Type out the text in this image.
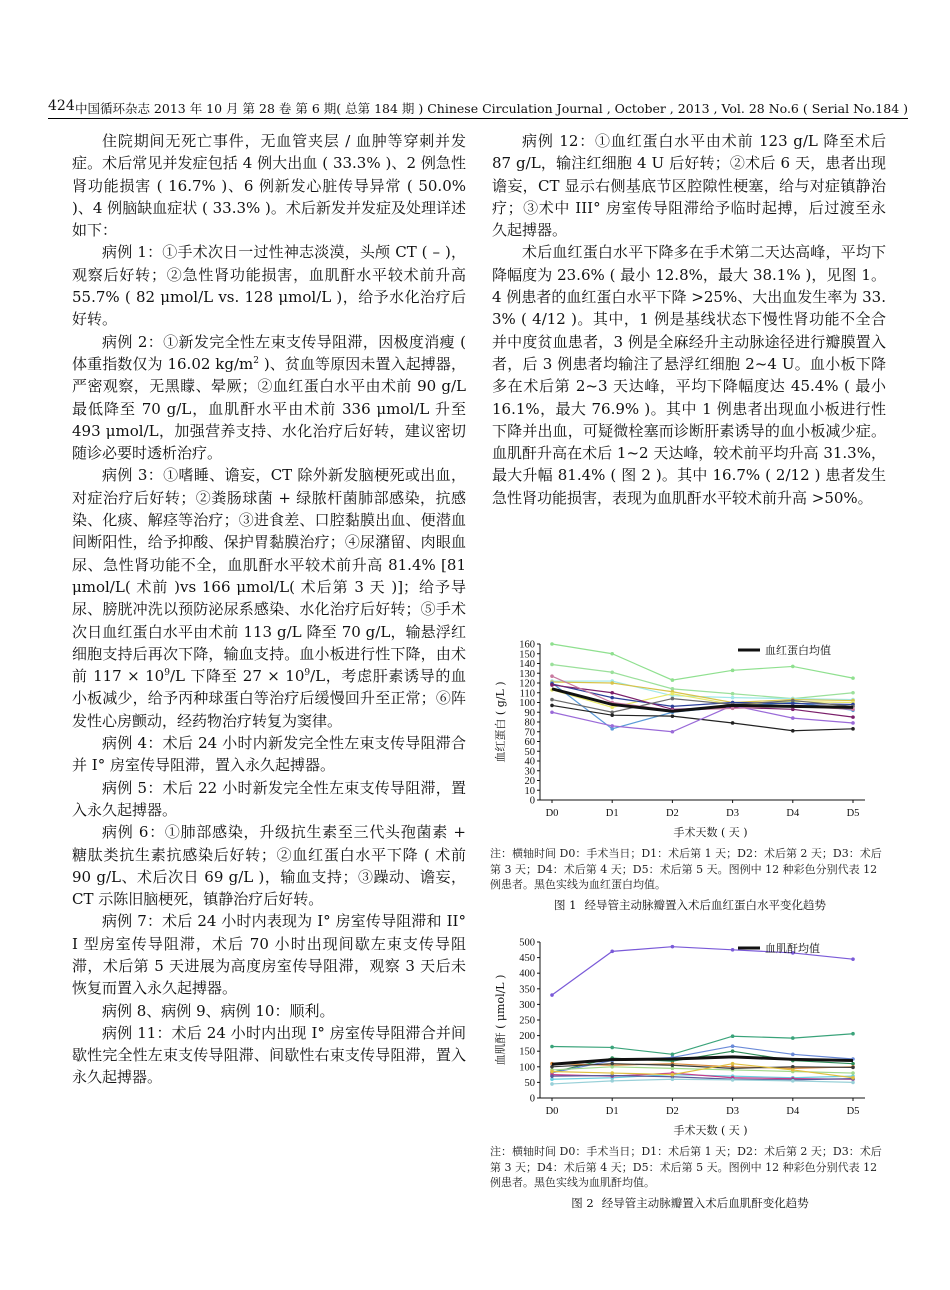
424 中国循环杂志 2013 年 10 月 第 28 卷 第 6 期( 总第 184 期 ) Chinese Circulation Journal , October , 2013 , Vol. 28 No.6 ( Serial No.184 )

住院期间无死亡事件，无血管夹层 / 血肿等穿刺并发症。术后常见并发症包括 4 例大出血 ( 33.3% )、2 例急性肾功能损害 ( 16.7% )、6 例新发心脏传导异常 ( 50.0% )、4 例脑缺血症状 ( 33.3% )。术后新发并发症及处理详述如下：

病例 1：①手术次日一过性神志淡漠，头颅 CT ( – )，观察后好转；②急性肾功能损害，血肌酐水平较术前升高 55.7% ( 82 μmol/L vs. 128 μmol/L )，给予水化治疗后好转。

病例 2：①新发完全性左束支传导阻滞，因极度消瘦 ( 体重指数仅为 16.02 $kg/m^2$ )、贫血等原因未置入起搏器，严密观察，无黑矇、晕厥；②血红蛋白水平由术前 90 g/L 最低降至 70 g/L，血肌酐水平由术前 336 μmol/L 升至 493 μmol/L，加强营养支持、水化治疗后好转，建议密切随诊必要时透析治疗。

病例 3：①嗜睡、谵妄，CT 除外新发脑梗死或出血，对症治疗后好转；②粪肠球菌 + 绿脓杆菌肺部感染，抗感染、化痰、解痉等治疗；③进食差、口腔黏膜出血、便潜血间断阳性，给予抑酸、保护胃黏膜治疗；④尿潴留、肉眼血尿、急性肾功能不全，血肌酐水平较术前升高 81.4% [81 μmol/L( 术前 )vs 166 μmol/L( 术后第 3 天 )]；给予导尿、膀胱冲洗以预防泌尿系感染、水化治疗后好转；⑤手术次日血红蛋白水平由术前 113 g/L 降至 70 g/L，输悬浮红细胞支持后再次下降，输血支持。血小板进行性下降，由术前 $117 \times 10^9/L$ 下降至 $27 \times 10^9/L$，考虑肝素诱导的血小板减少，给予丙种球蛋白等治疗后缓慢回升至正常；⑥阵发性心房颤动，经药物治疗转复为窦律。

病例 4：术后 24 小时内新发完全性左束支传导阻滞合并 I° 房室传导阻滞，置入永久起搏器。

病例 5：术后 22 小时新发完全性左束支传导阻滞，置入永久起搏器。

病例 6：①肺部感染，升级抗生素至三代头孢菌素 + 糖肽类抗生素抗感染后好转；②血红蛋白水平下降 ( 术前 90 g/L、术后次日 69 g/L )，输血支持；③躁动、谵妄，CT 示陈旧脑梗死，镇静治疗后好转。

病例 7：术后 24 小时内表现为 I° 房室传导阻滞和 II° I 型房室传导阻滞，术后 70 小时出现间歇左束支传导阻滞，术后第 5 天进展为高度房室传导阻滞，观察 3 天后未恢复而置入永久起搏器。

病例 8、病例 9、病例 10：顺利。

病例 11：术后 24 小时内出现 I° 房室传导阻滞合并间歇性完全性左束支传导阻滞、间歇性右束支传导阻滞，置入永久起搏器。

病例 12：①血红蛋白水平由术前 123 g/L 降至术后 87 g/L，输注红细胞 4 U 后好转；②术后 6 天，患者出现谵妄，CT 显示右侧基底节区腔隙性梗塞，给与对症镇静治疗；③术中 III° 房室传导阻滞给予临时起搏，后过渡至永久起搏器。

术后血红蛋白水平下降多在手术第二天达高峰，平均下降幅度为 23.6% ( 最小 12.8%，最大 38.1% )，见图 1。4 例患者的血红蛋白水平下降 >25%、大出血发生率为 33. 3% ( 4/12 )。其中，1 例是基线状态下慢性肾功能不全合并中度贫血患者，3 例是全麻经升主动脉途径进行瓣膜置入者，后 3 例患者均输注了悬浮红细胞 2~4 U。血小板下降多在术后第 2~3 天达峰，平均下降幅度达 45.4% ( 最小 16.1%，最大 76.9% )。其中 1 例患者出现血小板进行性下降并出血，可疑微栓塞而诊断肝素诱导的血小板减少症。血肌酐升高在术后 1~2 天达峰，较术前平均升高 31.3%，最大升幅 81.4% ( 图 2 )。其中 16.7% ( 2/12 ) 患者发生急性肾功能损害，表现为血肌酐水平较术前升高 >50%。

0
10
20
30
40
50
60
70
80
90
100
110
120
130
140
150
160
D0	D1	D2	D3	D4	D5
手术天数 ( 天 )
血红蛋白 ( g/L )
血红蛋白均值
注：横轴时间 D0：手术当日；D1：术后第 1 天；D2：术后第 2 天；D3：术后第 3 天；D4：术后第 4 天；D5：术后第 5 天。图例中 12 种彩色分别代表 12 例患者。黑色实线为血红蛋白均值。
图 1 经导管主动脉瓣置入术后血红蛋白水平变化趋势
0
50
100
150
200
250
300
350
400
450
500
D0	D1	D2	D3	D4	D5
手术天数 ( 天 )
血肌酐 ( μmol/L )
血肌酐均值
注：横轴时间 D0：手术当日；D1：术后第 1 天；D2：术后第 2 天；D3：术后第 3 天；D4：术后第 4 天；D5：术后第 5 天。图例中 12 种彩色分别代表 12 例患者。黑色实线为血肌酐均值。
图 2 经导管主动脉瓣置入术后血肌酐变化趋势
